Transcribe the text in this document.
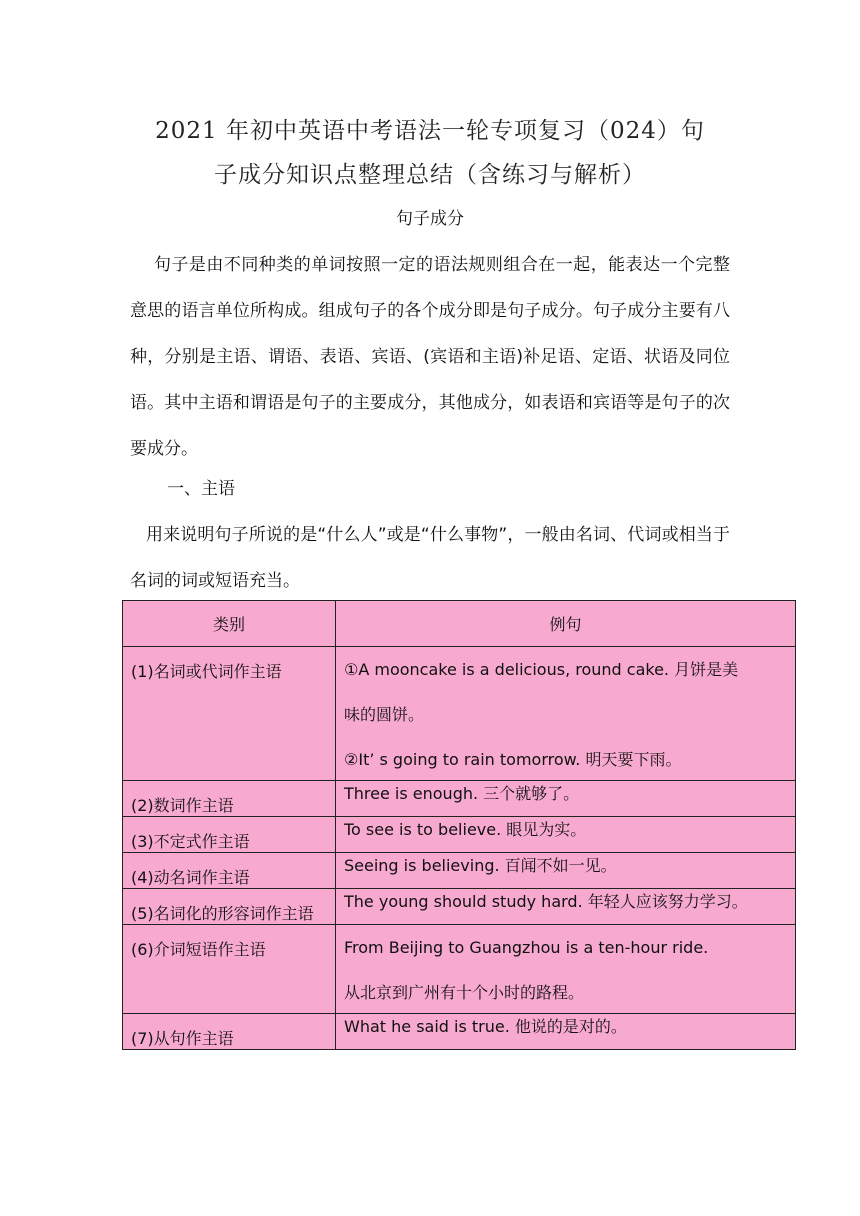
2021 年初中英语中考语法一轮专项复习（024）句
子成分知识点整理总结（含练习与解析）
句子成分

句子是由不同种类的单词按照一定的语法规则组合在一起，能表达一个完整意思的语言单位所构成。组成句子的各个成分即是句子成分。句子成分主要有八种，分别是主语、谓语、表语、宾语、(宾语和主语)补足语、定语、状语及同位语。其中主语和谓语是句子的主要成分，其他成分，如表语和宾语等是句子的次要成分。

一、主语

用来说明句子所说的是“什么人”或是“什么事物”，一般由名词、代词或相当于名词的词或短语充当。

类别	例句
(1)名词或代词作主语	①A mooncake is a delicious, round cake. 月饼是美
味的圆饼。
②It’ s going to rain tomorrow. 明天要下雨。

(2)数词作主语	Three is enough. 三个就够了。
(3)不定式作主语	To see is to believe. 眼见为实。
(4)动名词作主语	Seeing is believing. 百闻不如一见。
(5)名词化的形容词作主语	The young should study hard. 年轻人应该努力学习。
(6)介词短语作主语	From Beijing to Guangzhou is a ten-hour ride.
从北京到广州有十个小时的路程。

(7)从句作主语	What he said is true. 他说的是对的。
